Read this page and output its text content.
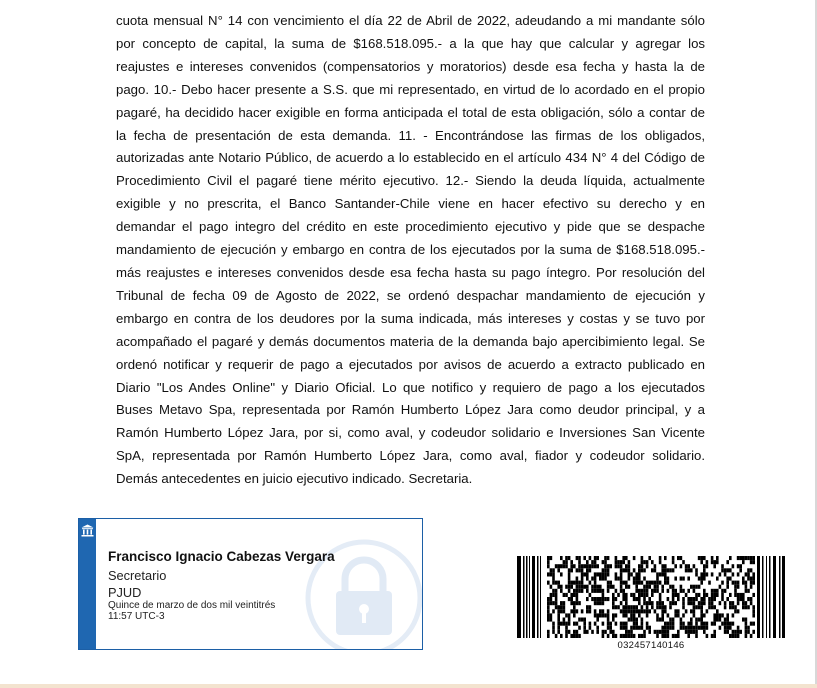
cuota mensual N° 14 con vencimiento el día 22 de Abril de 2022, adeudando a mi mandante sólo
por concepto de capital, la suma de $168.518.095.- a la que hay que calcular y agregar los
reajustes e intereses convenidos (compensatorios y moratorios) desde esa fecha y hasta la de
pago. 10.- Debo hacer presente a S.S. que mi representado, en virtud de lo acordado en el propio
pagaré, ha decidido hacer exigible en forma anticipada el total de esta obligación, sólo a contar de
la fecha de presentación de esta demanda. 11. - Encontrándose las firmas de los obligados,
autorizadas ante Notario Público, de acuerdo a lo establecido en el artículo 434 N° 4 del Código de
Procedimiento Civil el pagaré tiene mérito ejecutivo. 12.- Siendo la deuda líquida, actualmente
exigible y no prescrita, el Banco Santander-Chile viene en hacer efectivo su derecho y en
demandar el pago integro del crédito en este procedimiento ejecutivo y pide que se despache
mandamiento de ejecución y embargo en contra de los ejecutados por la suma de $168.518.095.-
más reajustes e intereses convenidos desde esa fecha hasta su pago íntegro. Por resolución del
Tribunal de fecha 09 de Agosto de 2022, se ordenó despachar mandamiento de ejecución y
embargo en contra de los deudores por la suma indicada, más intereses y costas y se tuvo por
acompañado el pagaré y demás documentos materia de la demanda bajo apercibimiento legal. Se
ordenó notificar y requerir de pago a ejecutados por avisos de acuerdo a extracto publicado en
Diario "Los Andes Online" y Diario Oficial. Lo que notifico y requiero de pago a los ejecutados
Buses Metavo Spa, representada por Ramón Humberto López Jara como deudor principal, y a
Ramón Humberto López Jara, por si, como aval, y codeudor solidario e Inversiones San Vicente
SpA, representada por Ramón Humberto López Jara, como aval, fiador y codeudor solidario.
Demás antecedentes en juicio ejecutivo indicado. Secretaria.
Francisco Ignacio Cabezas Vergara
Secretario
PJUD
Quince de marzo de dos mil veintitrés
11:57 UTC-3
032457140146
